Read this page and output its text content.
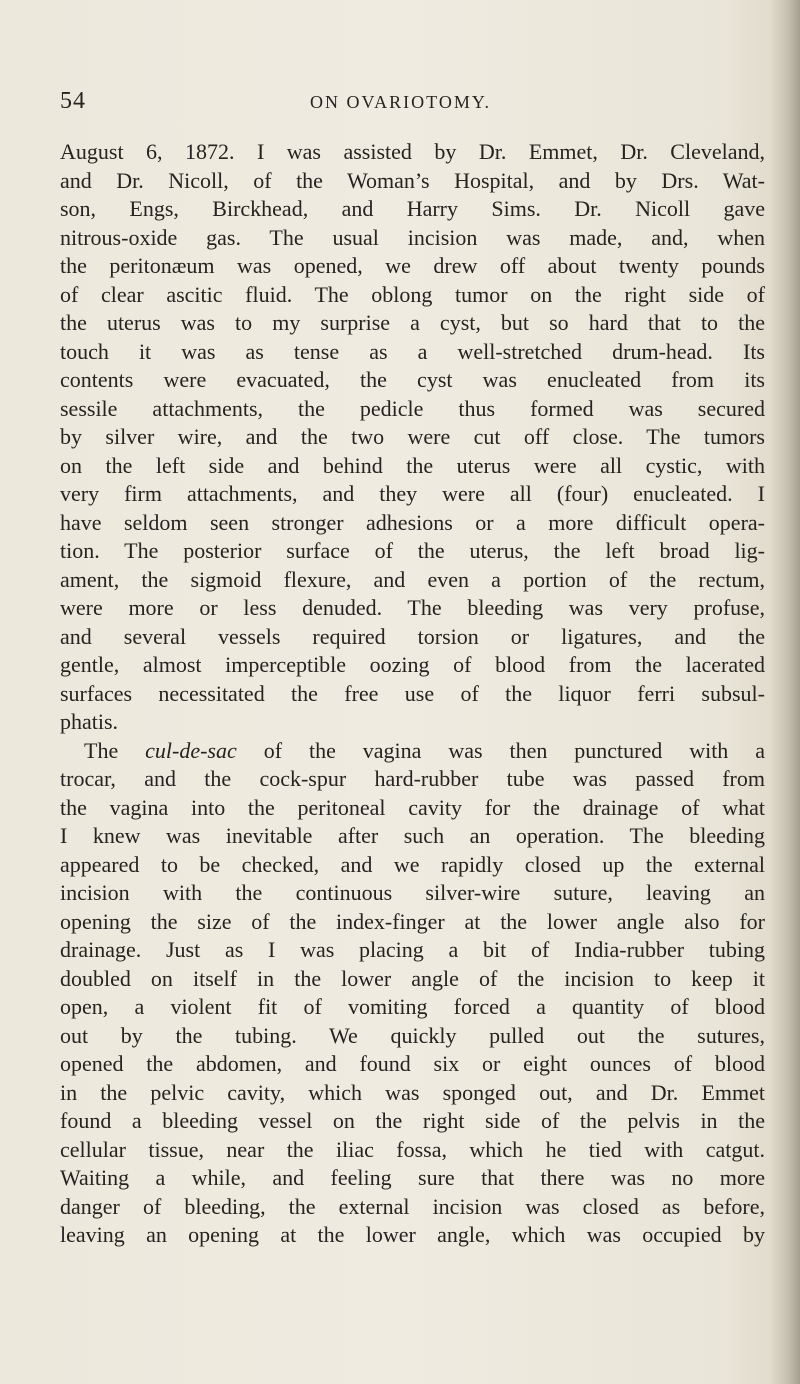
54	ON OVARIOTOMY.
August 6, 1872. I was assisted by Dr. Emmet, Dr. Cleveland,
and Dr. Nicoll, of the Woman’s Hospital, and by Drs. Wat-
son, Engs, Birckhead, and Harry Sims. Dr. Nicoll gave
nitrous-oxide gas. The usual incision was made, and, when
the peritonæum was opened, we drew off about twenty pounds
of clear ascitic fluid. The oblong tumor on the right side of
the uterus was to my surprise a cyst, but so hard that to the
touch it was as tense as a well-stretched drum-head. Its
contents were evacuated, the cyst was enucleated from its
sessile attachments, the pedicle thus formed was secured
by silver wire, and the two were cut off close. The tumors
on the left side and behind the uterus were all cystic, with
very firm attachments, and they were all (four) enucleated. I
have seldom seen stronger adhesions or a more difficult opera-
tion. The posterior surface of the uterus, the left broad lig-
ament, the sigmoid flexure, and even a portion of the rectum,
were more or less denuded. The bleeding was very profuse,
and several vessels required torsion or ligatures, and the
gentle, almost imperceptible oozing of blood from the lacerated
surfaces necessitated the free use of the liquor ferri subsul-
phatis.
The cul-de-sac of the vagina was then punctured with a
trocar, and the cock-spur hard-rubber tube was passed from
the vagina into the peritoneal cavity for the drainage of what
I knew was inevitable after such an operation. The bleeding
appeared to be checked, and we rapidly closed up the external
incision with the continuous silver-wire suture, leaving an
opening the size of the index-finger at the lower angle also for
drainage. Just as I was placing a bit of India-rubber tubing
doubled on itself in the lower angle of the incision to keep it
open, a violent fit of vomiting forced a quantity of blood
out by the tubing. We quickly pulled out the sutures,
opened the abdomen, and found six or eight ounces of blood
in the pelvic cavity, which was sponged out, and Dr. Emmet
found a bleeding vessel on the right side of the pelvis in the
cellular tissue, near the iliac fossa, which he tied with catgut.
Waiting a while, and feeling sure that there was no more
danger of bleeding, the external incision was closed as before,
leaving an opening at the lower angle, which was occupied by
